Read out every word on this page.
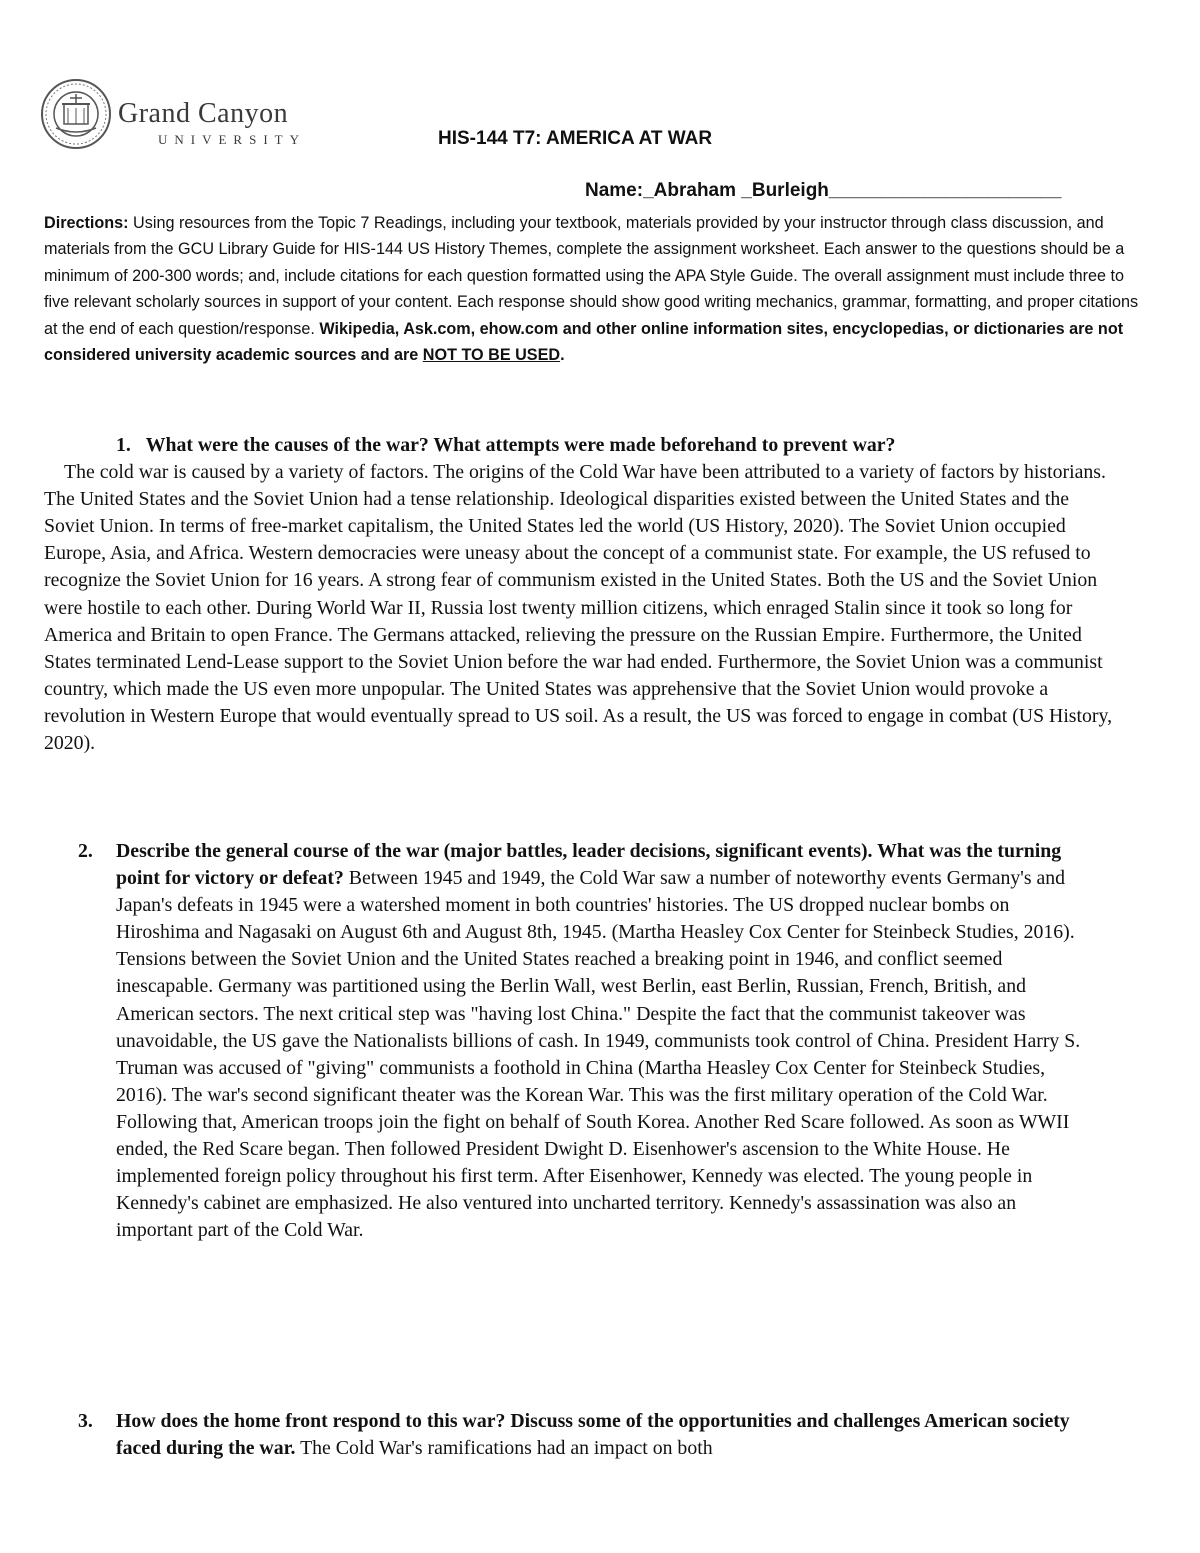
Grand Canyon
UNIVERSITY	HIS-144 T7: AMERICA AT WAR
Name:_Abraham _Burleigh______________________
Directions: Using resources from the Topic 7 Readings, including your textbook, materials provided by your instructor through class discussion, and materials from the GCU Library Guide for HIS-144 US History Themes, complete the assignment worksheet. Each answer to the questions should be a minimum of 200-300 words; and, include citations for each question formatted using the APA Style Guide. The overall assignment must include three to five relevant scholarly sources in support of your content. Each response should show good writing mechanics, grammar, formatting, and proper citations at the end of each question/response. Wikipedia, Ask.com, ehow.com and other online information sites, encyclopedias, or dictionaries are not considered university academic sources and are NOT TO BE USED.
1. What were the causes of the war? What attempts were made beforehand to prevent war?
The cold war is caused by a variety of factors. The origins of the Cold War have been attributed to a variety of factors by historians. The United States and the Soviet Union had a tense relationship. Ideological disparities existed between the United States and the Soviet Union. In terms of free-market capitalism, the United States led the world (US History, 2020). The Soviet Union occupied Europe, Asia, and Africa. Western democracies were uneasy about the concept of a communist state. For example, the US refused to recognize the Soviet Union for 16 years. A strong fear of communism existed in the United States. Both the US and the Soviet Union were hostile to each other. During World War II, Russia lost twenty million citizens, which enraged Stalin since it took so long for America and Britain to open France. The Germans attacked, relieving the pressure on the Russian Empire. Furthermore, the United States terminated Lend-Lease support to the Soviet Union before the war had ended. Furthermore, the Soviet Union was a communist country, which made the US even more unpopular. The United States was apprehensive that the Soviet Union would provoke a revolution in Western Europe that would eventually spread to US soil. As a result, the US was forced to engage in combat (US History, 2020).
2. Describe the general course of the war (major battles, leader decisions, significant events). What was the turning point for victory or defeat? Between 1945 and 1949, the Cold War saw a number of noteworthy events Germany's and Japan's defeats in 1945 were a watershed moment in both countries' histories. The US dropped nuclear bombs on Hiroshima and Nagasaki on August 6th and August 8th, 1945. (Martha Heasley Cox Center for Steinbeck Studies, 2016). Tensions between the Soviet Union and the United States reached a breaking point in 1946, and conflict seemed inescapable. Germany was partitioned using the Berlin Wall, west Berlin, east Berlin, Russian, French, British, and American sectors. The next critical step was "having lost China." Despite the fact that the communist takeover was unavoidable, the US gave the Nationalists billions of cash. In 1949, communists took control of China. President Harry S. Truman was accused of "giving" communists a foothold in China (Martha Heasley Cox Center for Steinbeck Studies, 2016). The war's second significant theater was the Korean War. This was the first military operation of the Cold War. Following that, American troops join the fight on behalf of South Korea. Another Red Scare followed. As soon as WWII ended, the Red Scare began. Then followed President Dwight D. Eisenhower's ascension to the White House. He implemented foreign policy throughout his first term. After Eisenhower, Kennedy was elected. The young people in Kennedy's cabinet are emphasized. He also ventured into uncharted territory. Kennedy's assassination was also an important part of the Cold War.
3. How does the home front respond to this war? Discuss some of the opportunities and challenges American society faced during the war. The Cold War's ramifications had an impact on both
